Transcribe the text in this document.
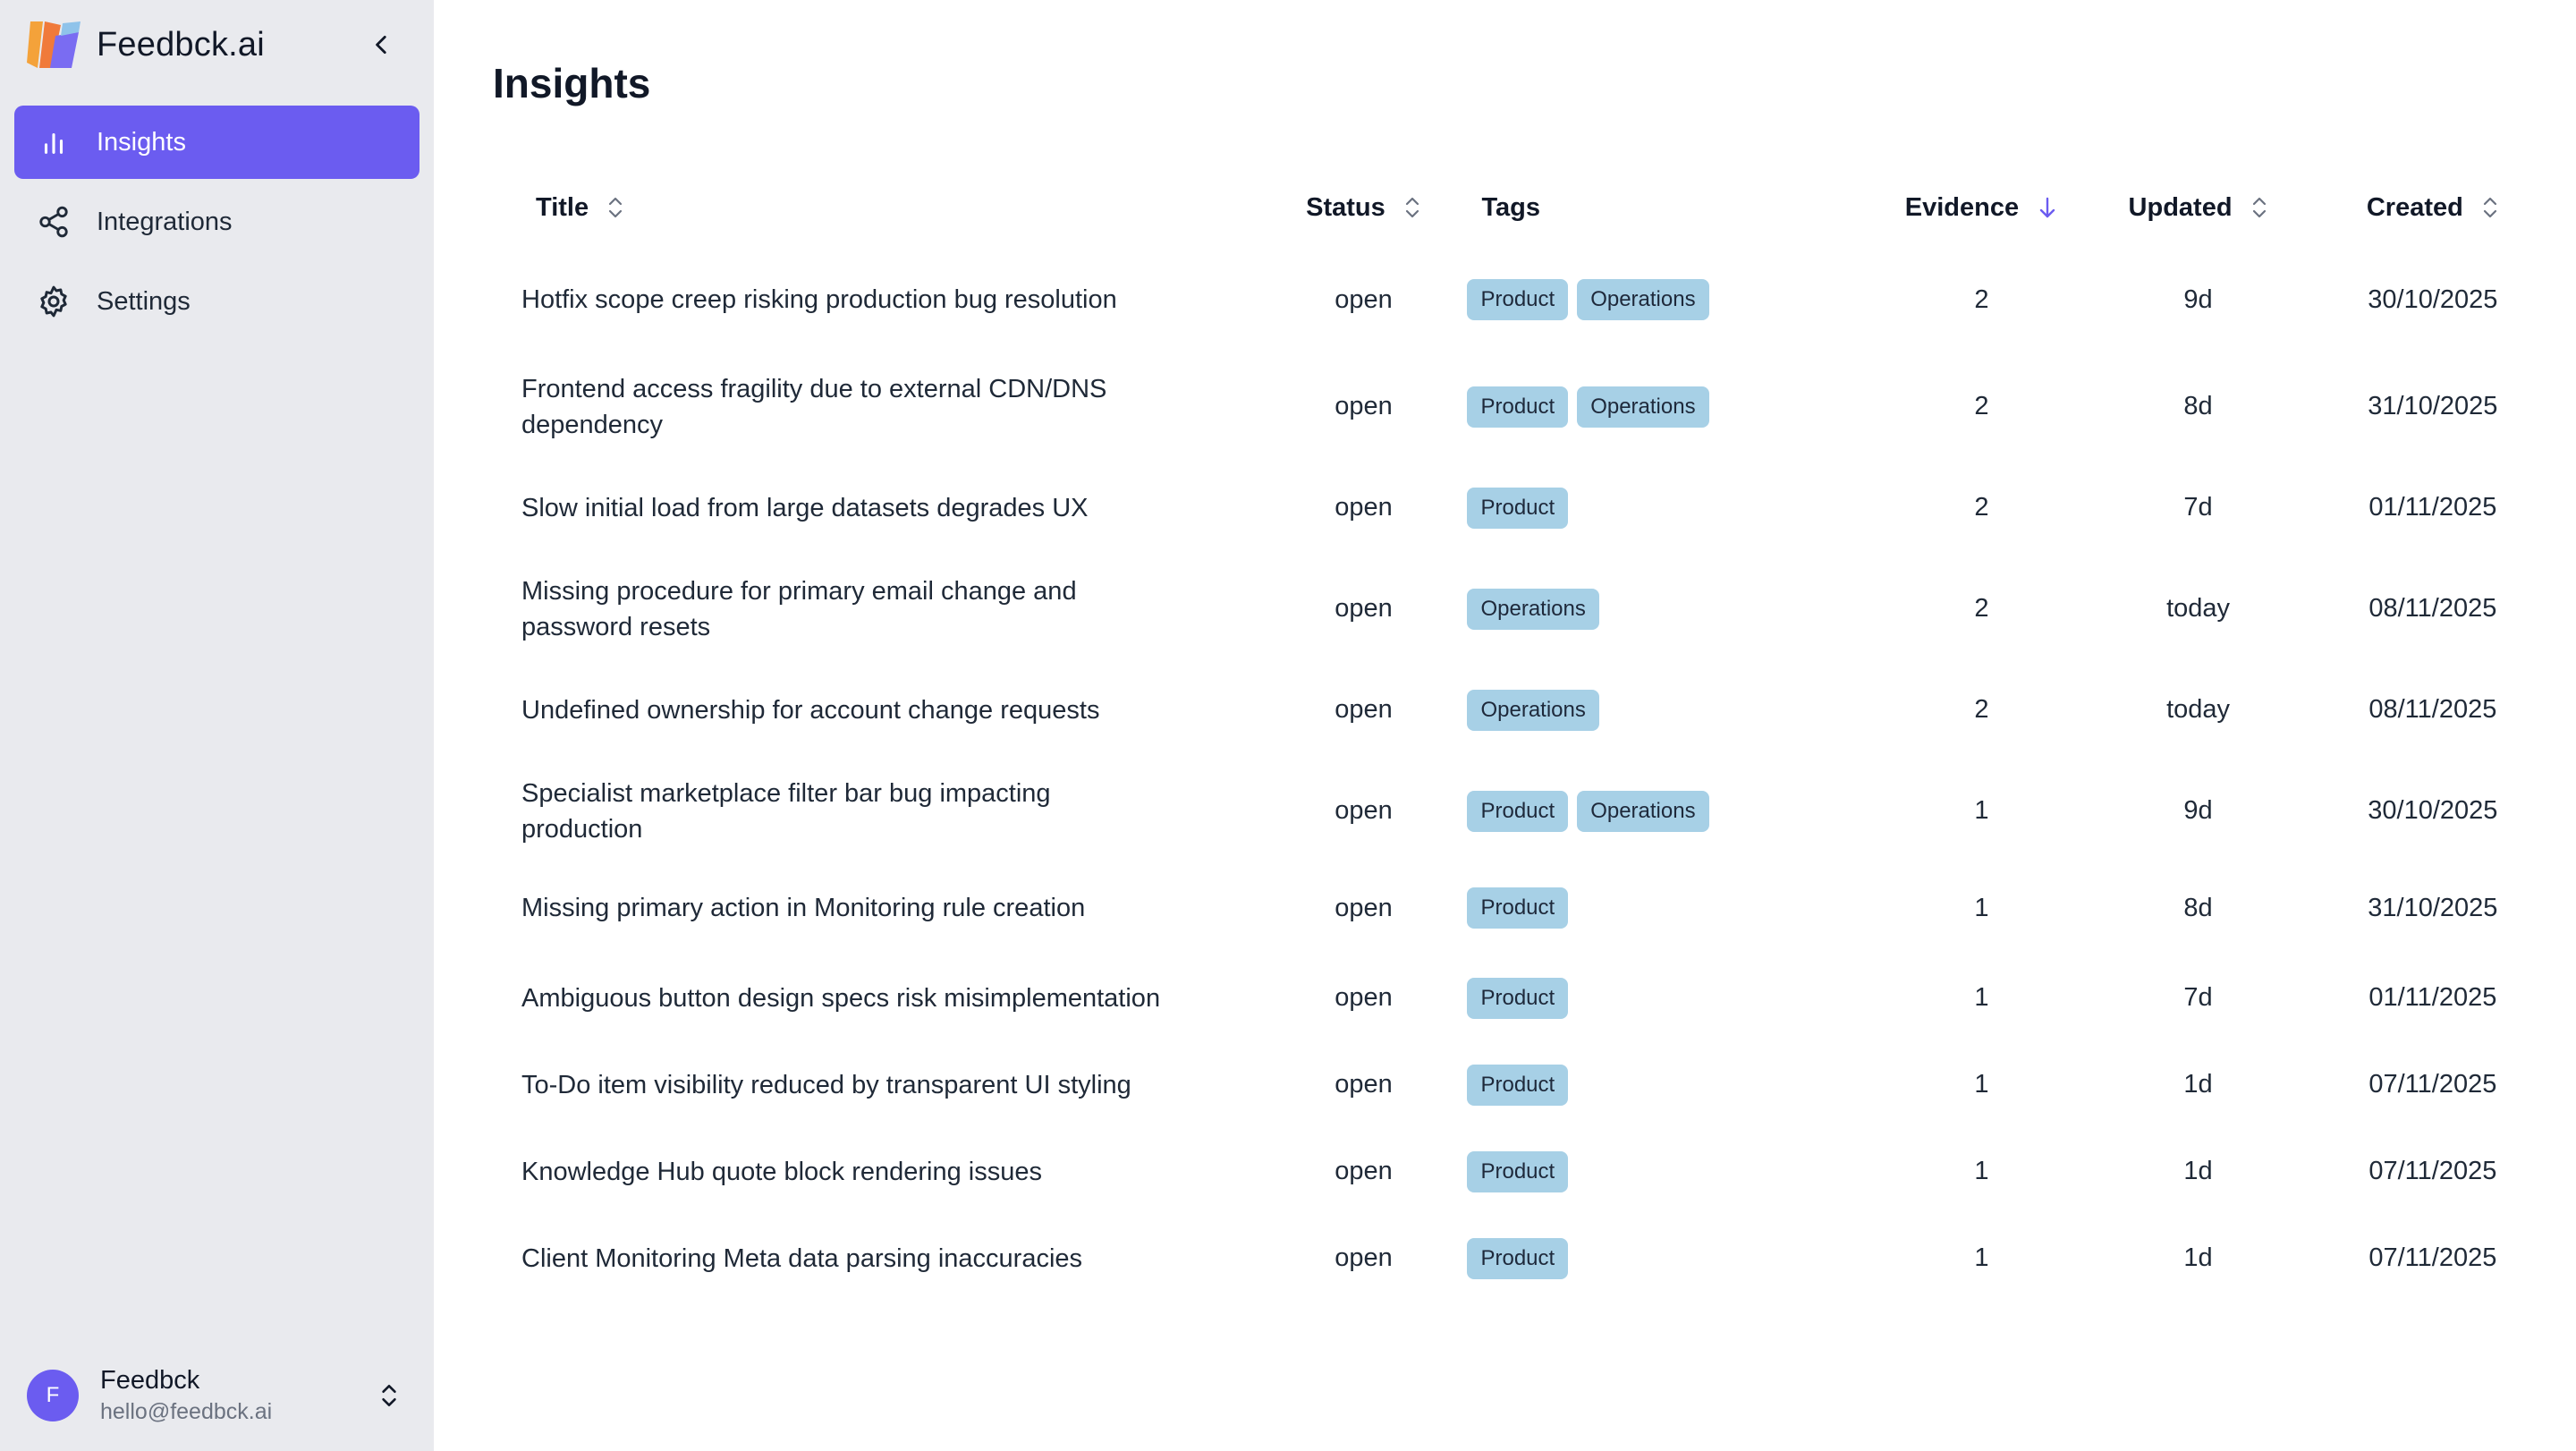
Feedbck.ai
Insights
Integrations
Settings
F
Feedbck
hello@feedbck.ai
Insights
Title	Status	Tags	Evidence	Updated	Created

Hotfix scope creep risking production bug resolution	open	Product Operations	2	9d	30/10/2025

Frontend access fragility due to external CDN/DNS dependency	open	Product Operations	2	8d	31/10/2025

Slow initial load from large datasets degrades UX	open	Product	2	7d	01/11/2025

Missing procedure for primary email change and password resets	open	Operations	2	today	08/11/2025

Undefined ownership for account change requests	open	Operations	2	today	08/11/2025

Specialist marketplace filter bar bug impacting production	open	Product Operations	1	9d	30/10/2025

Missing primary action in Monitoring rule creation	open	Product	1	8d	31/10/2025

Ambiguous button design specs risk misimplementation	open	Product	1	7d	01/11/2025

To-Do item visibility reduced by transparent UI styling	open	Product	1	1d	07/11/2025

Knowledge Hub quote block rendering issues	open	Product	1	1d	07/11/2025

Client Monitoring Meta data parsing inaccuracies	open	Product	1	1d	07/11/2025
